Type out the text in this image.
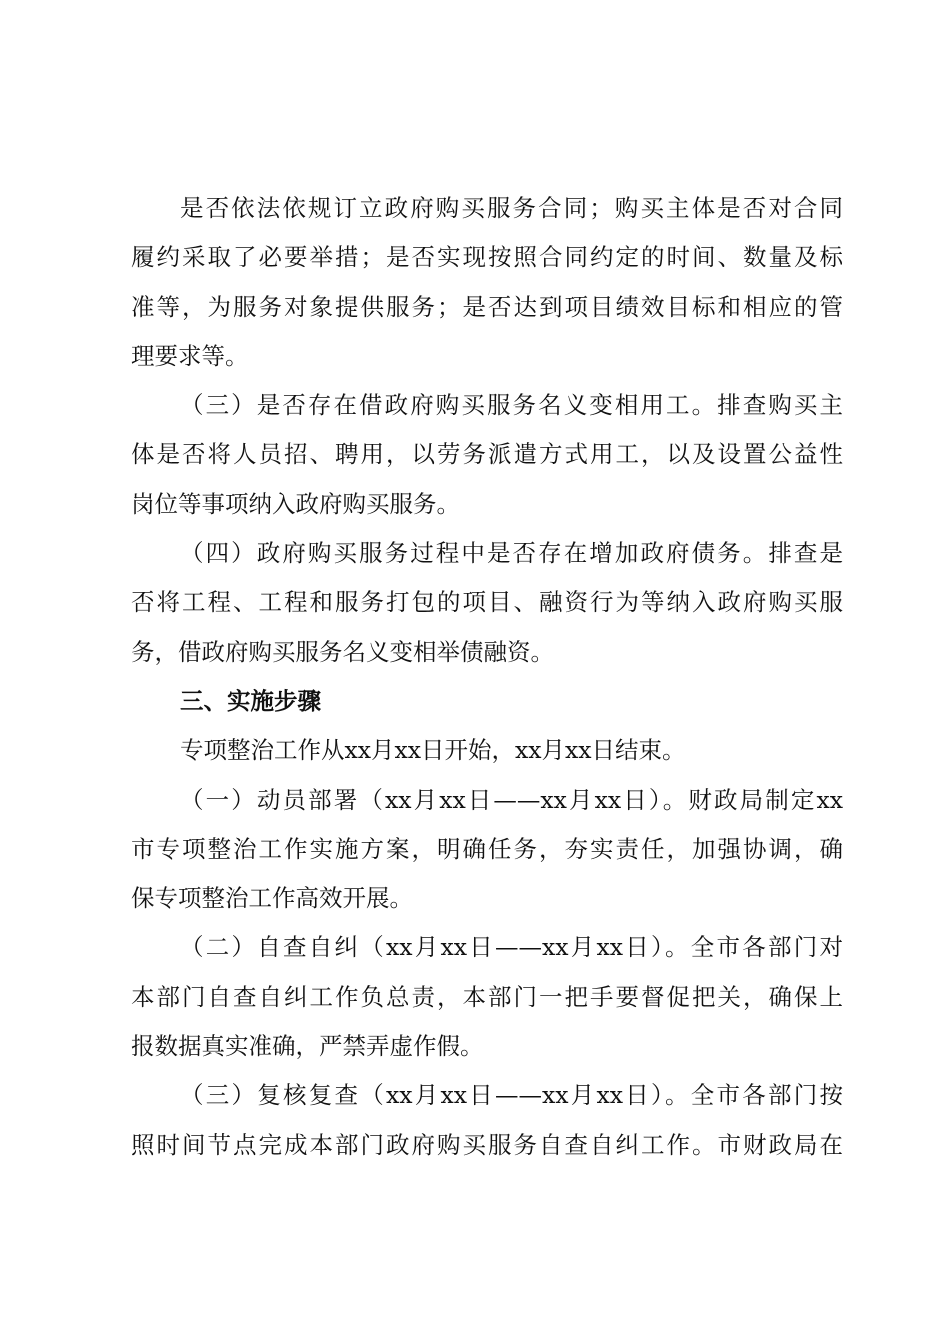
是否依法依规订立政府购买服务合同；购买主体是否对合同
履约采取了必要举措；是否实现按照合同约定的时间、数量及标
准等，为服务对象提供服务；是否达到项目绩效目标和相应的管
理要求等。
（三）是否存在借政府购买服务名义变相用工。排查购买主
体是否将人员招、聘用，以劳务派遣方式用工，以及设置公益性
岗位等事项纳入政府购买服务。
（四）政府购买服务过程中是否存在增加政府债务。排查是
否将工程、工程和服务打包的项目、融资行为等纳入政府购买服
务，借政府购买服务名义变相举债融资。
三、实施步骤
专项整治工作从xx月xx日开始，xx月xx日结束。
（一）动员部署（xx月xx日——xx月xx日）。财政局制定xx
市专项整治工作实施方案，明确任务，夯实责任，加强协调，确
保专项整治工作高效开展。
（二）自查自纠（xx月xx日——xx月xx日）。全市各部门对
本部门自查自纠工作负总责，本部门一把手要督促把关，确保上
报数据真实准确，严禁弄虚作假。
（三）复核复查（xx月xx日——xx月xx日）。全市各部门按
照时间节点完成本部门政府购买服务自查自纠工作。市财政局在
